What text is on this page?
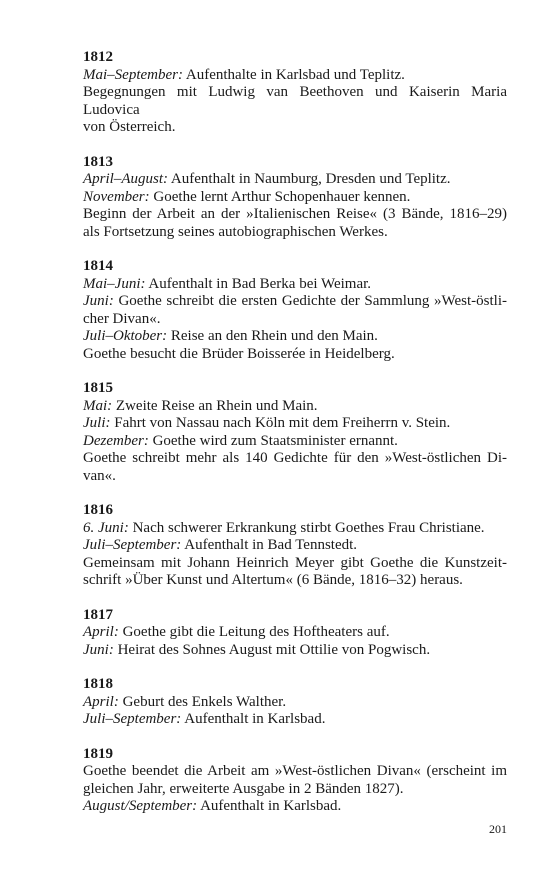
1812
Mai–September: Aufenthalte in Karlsbad und Teplitz.
Begegnungen mit Ludwig van Beethoven und Kaiserin Maria Ludovica
von Österreich.
1813
April–August: Aufenthalt in Naumburg, Dresden und Teplitz.
November: Goethe lernt Arthur Schopenhauer kennen.
Beginn der Arbeit an der »Italienischen Reise« (3 Bände, 1816–29)
als Fortsetzung seines autobiographischen Werkes.
1814
Mai–Juni: Aufenthalt in Bad Berka bei Weimar.
Juni: Goethe schreibt die ersten Gedichte der Sammlung »West-östli-
cher Divan«.
Juli–Oktober: Reise an den Rhein und den Main.
Goethe besucht die Brüder Boisserée in Heidelberg.
1815
Mai: Zweite Reise an Rhein und Main.
Juli: Fahrt von Nassau nach Köln mit dem Freiherrn v. Stein.
Dezember: Goethe wird zum Staatsminister ernannt.
Goethe schreibt mehr als 140 Gedichte für den »West-östlichen Di-
van«.
1816
6. Juni: Nach schwerer Erkrankung stirbt Goethes Frau Christiane.
Juli–September: Aufenthalt in Bad Tennstedt.
Gemeinsam mit Johann Heinrich Meyer gibt Goethe die Kunstzeit-
schrift »Über Kunst und Altertum« (6 Bände, 1816–32) heraus.
1817
April: Goethe gibt die Leitung des Hoftheaters auf.
Juni: Heirat des Sohnes August mit Ottilie von Pogwisch.
1818
April: Geburt des Enkels Walther.
Juli–September: Aufenthalt in Karlsbad.
1819
Goethe beendet die Arbeit am »West-östlichen Divan« (erscheint im
gleichen Jahr, erweiterte Ausgabe in 2 Bänden 1827).
August/September: Aufenthalt in Karlsbad.
201
